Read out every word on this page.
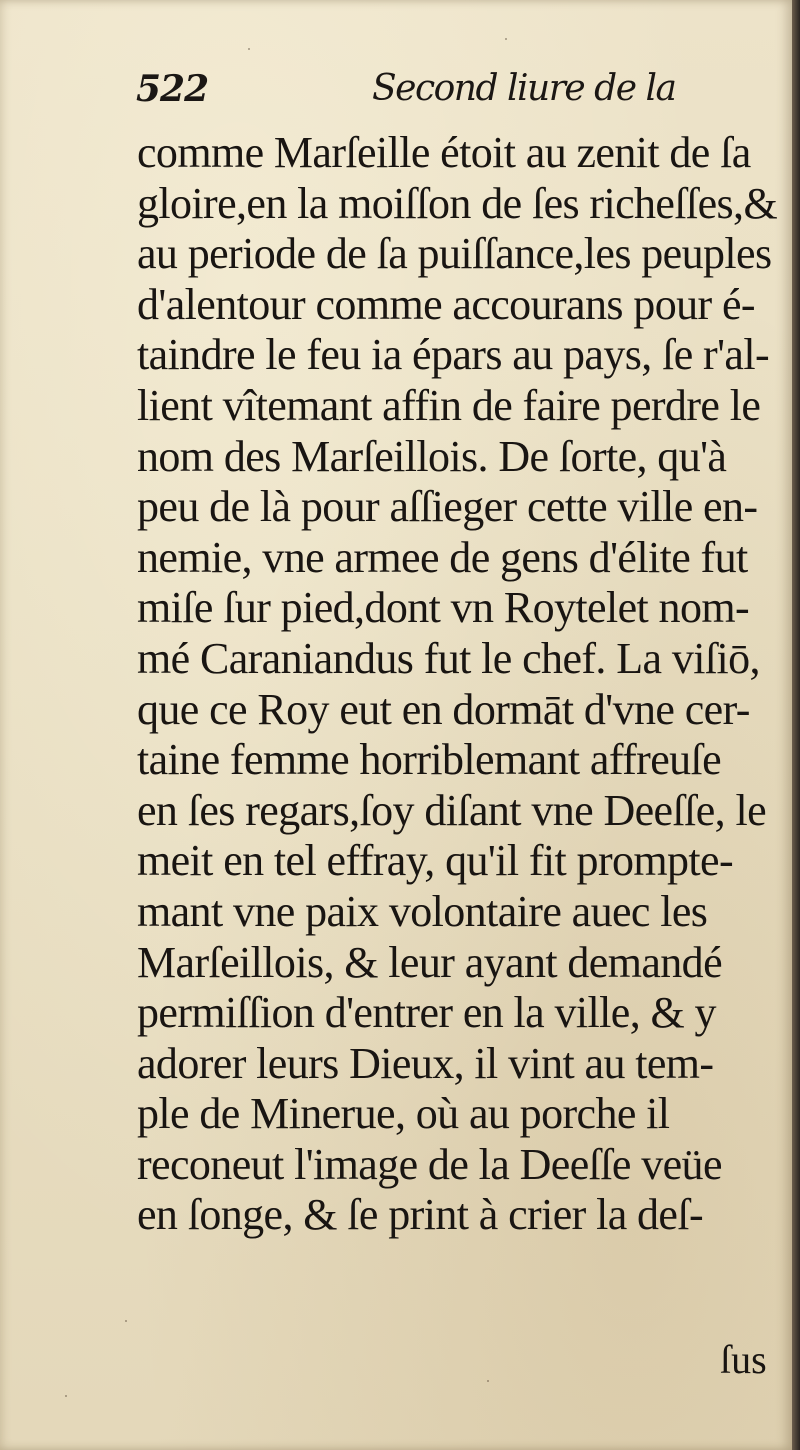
522	Second liure de la
comme Marſeille étoit au zenit de ſa
gloire,en la moiſſon de ſes richeſſes,&
au periode de ſa puiſſance,les peuples
d'alentour comme accourans pour é-
taindre le feu ia épars au pays, ſe r'al-
lient vîtemant affin de faire perdre le
nom des Marſeillois. De ſorte, qu'à
peu de là pour aſſieger cette ville en-
nemie, vne armee de gens d'élite fut
miſe ſur pied,dont vn Roytelet nom-
mé Caraniandus fut le chef. La viſiō,
que ce Roy eut en dormāt d'vne cer-
taine femme horriblemant affreuſe
en ſes regars,ſoy diſant vne Deeſſe, le
meit en tel effray, qu'il fit prompte-
mant vne paix volontaire auec les
Marſeillois, & leur ayant demandé
permiſſion d'entrer en la ville, & y
adorer leurs Dieux, il vint au tem-
ple de Minerue, où au porche il
reconeut l'image de la Deeſſe veüe
en ſonge, & ſe print à crier la deſ-
ſus
